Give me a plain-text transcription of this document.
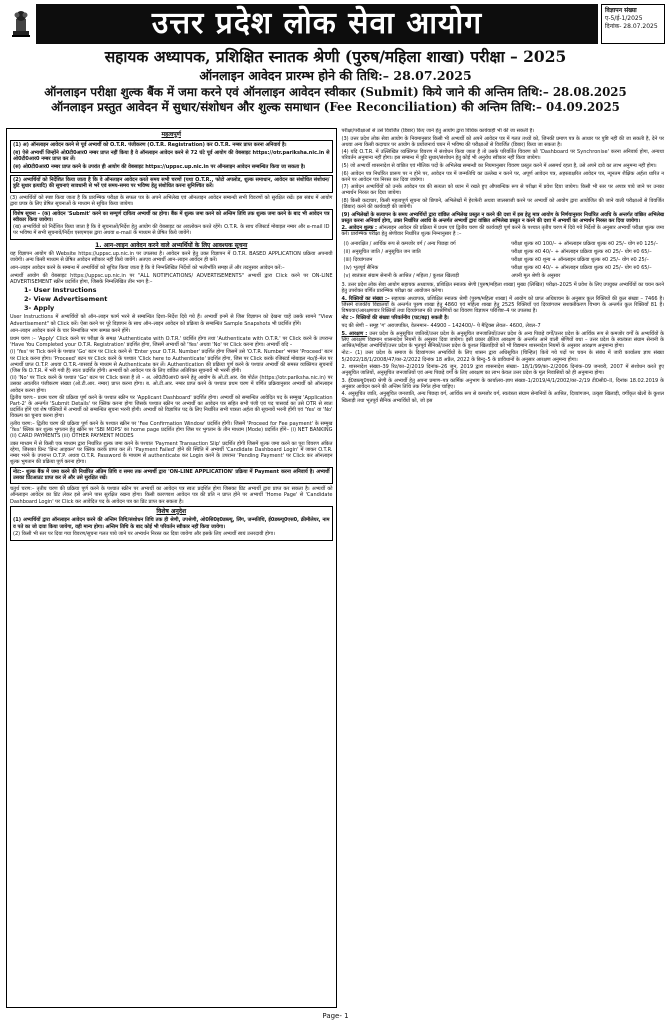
उत्तर प्रदेश लोक सेवा आयोग	विज्ञापन संख्या
ए-5/ई-1/2025
दिनांक- 28.07.2025
सहायक अध्यापक, प्रशिक्षित स्नातक श्रेणी (पुरुष/महिला शाखा) परीक्षा – 2025
ऑनलाइन आवेदन प्रारम्भ होने की तिथि:– 28.07.2025
ऑनलाइन परीक्षा शुल्क बैंक में जमा करने एवं ऑनलाइन आवेदन स्वीकार (Submit) किये जाने की अन्तिम तिथि:– 28.08.2025
ऑनलाइन प्रस्तुत आवेदन में सुधार/संशोधन और शुल्क समाधान (Fee Reconciliation) की अन्तिम तिथि:– 04.09.2025
महत्वपूर्ण

(1) अ) ऑनलाइन आवेदन करने से पूर्व अभ्यर्थी को O.T.R. पंजीकरण (O.T.R. Registration) कर O.T.R. नम्बर प्राप्त करना अनिवार्य है।

(ब) ऐसे अभ्यर्थी जिन्होंने ओ0टी0आर0 नम्बर प्राप्त नहीं किया है वे ऑनलाइन आवेदन करने से 72 घंटे पूर्व आयोग की वेबसाइट https://otr.pariksha.nic.in से ओ0टी0आर0 नम्बर प्राप्त कर लें।

(स) ओ0टी0आर0 नम्बर प्राप्त करने के उपरांत ही आयोग की वेबसाइट https://uppsc.up.nic.in पर ऑनलाइन आवेदन सम्बन्धित किया जा सकता है।

(2) अभ्यर्थियों को निर्देशित किया जाता है कि वे ऑनलाइन आवेदन करते समय सभी चरणों (यथा O.T.R., फोटो अपलोड, शुल्क समाधान, आवेदन का संशोधित संशोधन/त्रुटि सुधार इत्यादि) की सूचनाएं सावधानी से भरें एवं समय-समय पर भविष्य हेतु संशोधित करना सुनिश्चित करें।

(3) अभ्यर्थियों को स्पष्ट किया जाता है कि प्रारम्भिक परीक्षा के सफल पत्र के अपने अभिलेख एवं ऑनलाइन आवेदन सम्बन्धी सभी विवरणों को सुरक्षित रखें। इस संबंध में आयोग द्वारा प्रपत्र के लिए प्रेषित सूचनाओं के माध्यम से सूचित किया जायेगा।

विशेष सूचना – (क) आवेदन 'Submit' करने का सम्पूर्ण दायित्व अभ्यर्थी का होगा। बैंक में शुल्क जमा करने को अन्तिम तिथि तक शुल्क जमा करने के बाद भी आवेदन पत्र स्वीकार किया जायेगा।

(ख) अभ्यर्थियों को निर्देशित किया जाता है कि वे सूचनाओं/निर्देश हेतु आयोग की वेबसाइट का अवलोकन करते रहेंगे। O.T.R. के साथ रजिस्टर्ड मोबाइल नम्बर और e-mail ID पर भविष्य में सभी सूचनायें/निर्देश एसएमएस द्वारा अथवा e-mail के माध्यम से प्रेषित किये जायेंगे।

1. आन–लाइन आवेदन करने वाले अभ्यर्थियों के लिए आवश्यक सूचना

यह विज्ञापन आयोग की Website https://uppsc.up.nic.in पर उपलब्ध है। आवेदन करने हेतु उक्त विज्ञापन में O.T.R. BASED APPLICATION प्रक्रिया अपनायी जायेगी। अन्य किसी माध्यम से प्रेषित आवेदन स्वीकार नहीं किये जायेंगे। अतएव अभ्यर्थी आन–लाइन आवेदन ही करें।

आन–लाइन आवेदन करने के सम्बन्ध में अभ्यर्थियों को सूचित किया जाता है कि वे निम्नलिखित निर्देशों को भलीभाँति समझ लें और तदनुसार आवेदन करें:–

अभ्यर्थी आयोग की वेबसाइट https://uppsc.up.nic.in पर "ALL NOTIFICATIONS/ ADVERTISEMENTS" अभ्यर्थी द्वारा Click करने पर ON-LINE ADVERTISEMENT स्क्रीन प्रदर्शित होगा, जिसके निम्नलिखित तीन भाग हैं:–

1- User Instructions
2- View Advertisement
3- Apply

User Instructions में अभ्यर्थियों को ऑन–लाइन फार्म भरने से सम्बन्धित दिशा–निर्देश दिये गये हैं। अभ्यर्थी इनमें से जिस विज्ञापन को देखना चाहें उसके सामने "View Advertisement" को Click करें। ऐसा करने पर पूरे विज्ञापन के साथ ऑन–लाइन आवेदन को प्रक्रिया के सम्बन्धित Sample Snapshots भी प्रदर्शित होंगे।

आन–लाइन आवेदन करने के चार निम्नांकित भाग सम्पन्न करने होंगे।

प्रथम चरण :– 'Apply' Click करने पर परीक्षा के समक्ष 'Authenticate with O.T.R.' प्रदर्शित होगा तथा 'Authenticate with O.T.R.' पर Click करने के उपरान्त 'Have You Completed your O.T.R. Registration' प्रदर्शित होगा, जिसमें अभ्यर्थी को 'Yes' अथवा 'No' पर Click करना होगा। अभ्यर्थी यदि –

(i) 'Yes' पर Tick करने के पश्चात 'Go' बटन पर Click करने से 'Enter your O.T.R. Number' प्रदर्शित होगा जिसमें उसे 'O.T.R. Number' भरकर 'Proceed' बटन पर Click करना होगा। 'Proceed' बटन पर Click करने के पश्चात 'Click here to Authenticate' प्रदर्शित होगा, जिस पर Click करके रजिस्टर्ड मोबाइल नंo/ई–मेल पर अभ्यर्थी प्राप्त O.T.P. अथवा O.T.R.-पासवर्ड के माध्यम से Authenticate कर लें। Authentication की प्रक्रिया पूर्ण करने के पश्चात अभ्यर्थी की समस्त व्यक्तिगत सूचनायें (जिस कि O.T.R. में भरी गयी हैं) स्वतः प्रदर्शित होंगी। अभ्यर्थी को आवेदन पत्र के लिए वांछित अतिरिक्त सूचनायें भी भरनी होंगी।

(ii) 'No' पर Tick करने के पश्चात 'Go' बटन पर Click करता है तो – अ. ओ0टी0आर0 करने हेतु आयोग के ओ.टी.आर. वेब पोर्टल (https://otr.pariksha.nic.in) पर उसका अवतरित पंजीकरण संख्या (ओ.टी.आर. नम्बर) प्राप्त करना होगा। ब. ओ.टी.आर. नम्बर प्राप्त करने के पश्चात प्रथम चरण में वर्णित प्रक्रियानुसार अभ्यर्थी को ऑनलाइन आवेदन करना होगा।

द्वितीय चरण:– प्रथम चरण की प्रक्रिया पूर्ण करने के पश्चात स्क्रीन पर 'Applicant Dashboard' प्रदर्शित होगा। अभ्यर्थी को सम्बन्धित आवेदित पद के सम्मुख 'Application Part-2' के अन्तर्गत 'Submit Details' पर क्लिक करना होगा जिसके पश्चात स्क्रीन पर अभ्यर्थी का आवेदन पत्र सहित सभी पंजी एवं पद पासवर्ड का उसे OTR से स्वतः प्रदर्शित होंगे एवं शेष पंक्तियों में अभ्यर्थी को सम्बन्धित सूचना भरनी होगी। अभ्यर्थी को विज्ञापित पद के लिए निर्धारित सभी पात्रता अर्हता की सूचनायें भरनी होंगी एवं 'Yes' या 'No' विकल्प का चुनाव करना होगा।

तृतीय चरण:– द्वितीय चरण की प्रक्रिया पूर्ण करने के पश्चात स्क्रीन पर 'Fee Confirmation Window' प्रदर्शित होगी। जिसमें 'Proceed for Fee payment' के सम्मुख 'Yes' क्लिक कर शुल्क भुगतान हेतु स्क्रीन पर 'SBI MOPS' का home page प्रदर्शित होगा जिस पर भुगतान के तीन माध्यम (Mode) प्रदर्शित होंगे– (i) NET BANKING (ii) CARD PAYMENTS (iii) OTHER PAYMENT MODES

उक्त माध्यम में से किसी एक माध्यम द्वारा निर्धारित शुल्क जमा करने के पश्चात 'Payment Transaction Slip' प्रदर्शित होगी जिसमें शुल्क जमा करने का पूरा विवरण अंकित रहेगा, जिसका प्रिन्ट 'प्रिन्ट आइकन' पर क्लिक करके प्राप्त कर लें। 'Payment Failed' होने की स्थिति में अभ्यर्थी 'Candidate Dashboard Login' में जाकर O.T.R. नम्बर भरने के उपरान्त O.T.P. अथवा O.T.R. Password के माध्यम से authenticate कर Login करने के उपरान्त 'Pending Payment' पर Click कर ऑनलाइन शुल्क भुगतान की प्रक्रिया पूर्ण करना होगा।

नोट:– शुल्क बैंक में जमा करने की निर्धारित अंतिम तिथि व समय तक अभ्यर्थी द्वारा 'ON-LINE APPLICATION' प्रक्रिया में Payment करना अनिवार्य है। अभ्यर्थी उसका प्रिंटआउट प्राप्त कर लें और उसे सुरक्षित रखें।

चतुर्थ चरण:– तृतीय चरण की प्रक्रिया पूर्ण करने के पश्चात स्क्रीन पर अभ्यर्थी का आवेदन पत्र स्वतः प्रदर्शित होगा जिसका प्रिंट अभ्यर्थी द्वारा प्राप्त कर सकता है। अभ्यर्थी को ऑनलाइन आवेदन का प्रिंट लेकर इसे अपने पास सुरक्षित रखना होगा। किसी कारणवश आवेदन पत्र की प्रति न प्राप्त होने पर अभ्यर्थी 'Home Page' से 'Candidate Dashboard Login' पर Click कर आवेदित पद के आवेदन पत्र का प्रिंट प्राप्त कर सकता है।

विशेष अनुदेश

(1) अभ्यर्थियों द्वारा ऑनलाइन आवेदन करने की अन्तिम तिथि/संशोधन तिथि तक ही श्रेणी, उपश्रेणी, ओ0सि0इ0डब्ल्यू, लिंग, जन्मतिथि, ई0डब्ल्यू0एस0, क्रीमीलेयर, नाम व पते का जो दावा किया जायेगा, वही मान्य होगा। अन्तिम तिथि के बाद कोई भी परिवर्तन स्वीकार नहीं किया जायेगा।

(2) किसी भी स्तर पर दिया गया विवरण/सूचना गलत पाये जाने पर अभ्यर्थन निरस्त कर दिया जायेगा और इसके लिए अभ्यर्थी स्वयं उत्तरदायी होगा।

परीक्षा/परीक्षाओं से उसे विवर्जित (डिबार) किए जाने हेतु आयोग द्वारा विधिक कार्यवाही भी की जा सकती है।

(3) उत्तर प्रदेश लोक सेवा आयोग के नियमानुसार किसी भी अभ्यर्थी को अपने आवेदन पत्र में गलत तथ्यों को, जिनकी प्रमाण पत्र के आधार पर पुष्टि नहीं की जा सकती है, देने पर अथवा अन्य किसी कदाचार पर आयोग के प्रयोजनार्थ चयन में भविष्य की परीक्षाओं से विवर्जित (डिबार) किया जा सकता है।

(4) यदि O.T.R. में उल्लिखित व्यक्तिगत विवरण में संशोधन किया जाता है तो उसके परिवर्तित विवरण को 'Dashboard पर Synchronise' करना अनिवार्य होगा, अन्यथा परिवर्तन अनुमान्य नहीं होगा। इस सम्बन्ध में त्रुटि सुधार/संशोधन हेतु कोई भी अनुरोध स्वीकार नहीं किया जायेगा।

(5) जो अभ्यर्थी शासनादेश से वांछित एवं मौलिक पदों के अभिलेख सम्बन्धी का नियमानुसार विवरण प्रस्तुत करने में असमर्थ रहता है, उसे अपने दावे का लाभ अनुमन्य नहीं होगा।

(6) आवेदन पत्र निर्धारित प्रारूप पर न होने पर, आवेदन पत्र में जन्मतिथि का उल्लेख न करने पर, अपूर्ण आवेदन पत्र, अहस्ताक्षरित आवेदन पत्र, न्यूनतम शैक्षिक अर्हता धारित न करने पर आवेदन पत्र निरस्त कर दिया जायेगा।

(7) आवेदन अभ्यर्थियों को उनके आवेदन पत्र की सत्यता को ध्यान में रखते हुए औपबन्धिक रूप से परीक्षा में प्रवेश दिया जायेगा। किसी भी स्तर पर अपात्र पाये जाने पर उनका अभ्यर्थन निरस्त कर दिया जायेगा।

(8) किसी कदाचार, किसी महत्वपूर्ण सूचना को छिपाने, अभिलेखों में हेराफेरी अथवा जालसाजी करने पर अभ्यर्थी को आयोग द्वारा आयोजित की जाने वाली परीक्षाओं से विवर्जित (डिबार) करने की कार्यवाही की जायेगी।

(9) अभिलेखों के सत्यापन के समय अभ्यर्थियों द्वारा वांछित अभिलेख प्रस्तुत न करने की दशा में इस हेतु मात्र आयोग के निर्णयानुसार निर्धारित अवधि के अन्तर्गत वांछित अभिलेख प्रस्तुत करना अनिवार्य होगा, उक्त निर्धारित अवधि के अन्तर्गत अभ्यर्थी द्वारा वांछित अभिलेख प्रस्तुत न करने की दशा में अभ्यर्थी का अभ्यर्थन निरस्त कर दिया जायेगा।

2. आवेदन शुल्क : ऑनलाइन आवेदन की प्रक्रिया में प्रथम एवं द्वितीय चरण की कार्यवाही पूर्ण करने के पश्चात तृतीय चरण में दिये गये निर्देशों के अनुसार अभ्यर्थी परीक्षा शुल्क जमा करें। प्रारम्भिक परीक्षा हेतु श्रेणीवार निर्धारित शुल्क निम्नानुसार है :–

(i) अनारक्षित / आर्थिक रूप से कमजोर वर्ग / अन्य पिछड़ा वर्ग	परीक्षा शुल्क रु0 100/– + ऑनलाइन प्रक्रिया शुल्क रु0 25/– योग रु0 125/–
(ii) अनुसूचित जाति / अनुसूचित जन जाति	परीक्षा शुल्क रु0 40/– + ऑनलाइन प्रक्रिया शुल्क रु0 25/– योग रु0 65/–
(iii) दिव्यांगजन	परीक्षा शुल्क रु0 शून्य + ऑनलाइन प्रक्रिया शुल्क रु0 25/– योग रु0 25/–
(iv) भूतपूर्व सैनिक	परीक्षा शुल्क रु0 40/– + ऑनलाइन प्रक्रिया शुल्क रु0 25/– योग रु0 65/–
(v) स्वतंत्रता संग्राम सेनानी के आश्रित / महिला / कुशल खिलाड़ी	अपनी मूल श्रेणी के अनुसार

3. उत्तर प्रदेश लोक सेवा आयोग सहायक अध्यापक, प्रशिक्षित स्नातक श्रेणी (पुरुष/महिला शाखा) मुख्य (लिखित) परीक्षा–2025 में प्रवेश के लिए उपयुक्त अभ्यर्थियों का चयन करने हेतु उपरोक्त वर्णित प्रारम्भिक परीक्षा का आयोजन करेगा।

4. रिक्तियों का संख्या :– सहायक अध्यापक, प्रशिक्षित स्नातक श्रेणी (पुरुष/महिला शाखा) में आयोग को प्राप्त अधियाचन के अनुसार कुल रिक्तियों की कुल संख्या – 7466 है। जिसमें राजकीय विद्यालयों के अन्तर्गत पुरुष शाखा हेतु 4860 एवं महिला शाखा हेतु 2525 रिक्तियाँ एवं दिव्यांगजन सशक्तीकरण विभाग के अन्तर्गत कुल रिक्तियाँ 81 हैं। विषयवार/आरक्षणवार रिक्तियों तथा दिव्यांगजन की उपश्रेणियों का विवरण विज्ञापन परिशिष्ट–4 पर उपलब्ध है।

नोट :– रिक्तियों की संख्या परिवर्तनीय (घट/बढ़) सकती है।

पद की श्रेणी – समूह 'ग' अराजपत्रित, वेतनमान– 44900 – 142400/– पे मैट्रिक्स लेवल– 4600, लेवल–7

5. आरक्षण : उत्तर प्रदेश के अनुसूचित जातियों/उत्तर प्रदेश के अनुसूचित जनजातियों/उत्तर प्रदेश के अन्य पिछड़े वर्गों/उत्तर प्रदेश के आर्थिक रूप से कमजोर वर्गों के अभ्यर्थियों के लिए आरक्षण विद्यमान शासनादेश नियमों के अनुसार दिया जायेगा। इसी प्रकार क्षैतिज आरक्षण के अन्तर्गत आने वाली श्रेणियों यथा – उत्तर प्रदेश के स्वतंत्रता संग्राम सेनानी के आश्रित/महिला अभ्यर्थियों/उत्तर प्रदेश के भूतपूर्व सैनिकों/उत्तर प्रदेश के कुशल खिलाड़ियों को भी विद्यमान शासनादेश नियमों के अनुसार आरक्षण अनुमान्य होगा।

नोट:– (1) उत्तर प्रदेश के समाज के दिव्यांगजन अभ्यर्थियों के लिए शासन द्वारा अधिसूचित (चिन्हित) किये गये पदों पर चयन के संबंध में जारी कार्यालय ज्ञाप संख्या 5/2022/18/1/2008/47/का-2/2022 दिनांक 18 अप्रैल, 2022 के बिन्दु–5 के प्राविधानों के अनुसार आरक्षण अनुमन्य होगा।

2. शासनादेश संख्या–39 रिट/का–2/2019 दिनांक–26 जून, 2019 द्वारा शासनादेश संख्या– 18/1/99/का–2/2006 दिनांक–09 जनवरी, 2007 में संशोधन करते हुए अनुसूचित जातियों, अनुसूचित जनजातियों एवं अन्य पिछड़े वर्गों के लिए आरक्षण का लाभ केवल उत्तर प्रदेश के मूल निवासियों को ही अनुमान्य होगा।

3. ई0डब्ल्यू0एस0 श्रेणी के अभ्यर्थी हेतु अपना प्रमाण–पत्र कार्मिक अनुभाग के कार्यालय–ज्ञाप संख्या–1/2019/4/1/2002/का–2/19 टी0सी0–II, दिनांक 18.02.2019 के अनुसार आवेदन करने की अन्तिम तिथि तक निर्गत होना चाहिए।

4. अनुसूचित जाति, अनुसूचित जनजाति, अन्य पिछड़ा वर्ग, आर्थिक रूप से कमजोर वर्ग, स्वतंत्रता संग्राम सेनानियों के आश्रित, दिव्यांगजन, उत्कृष्ट खिलाड़ी, वर्गीकृत खेलों के कुशल खिलाड़ी तथा भूतपूर्व सैनिक अभ्यर्थियों को, जो इस

Page- 1
